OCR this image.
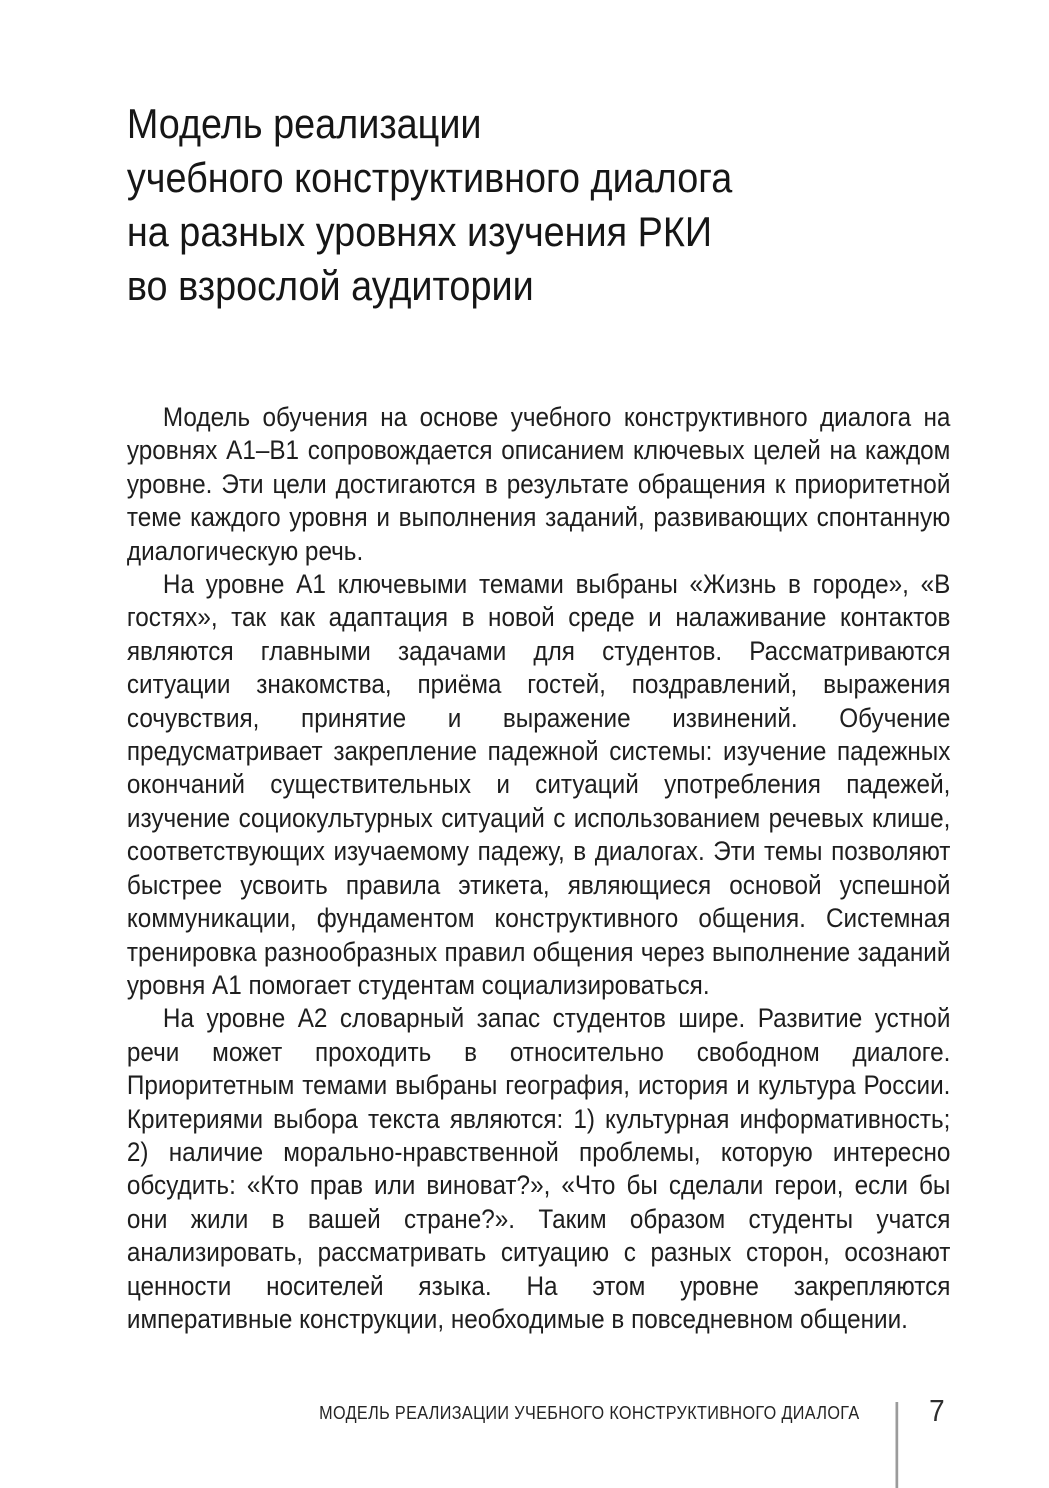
Модель реализации
учебного конструктивного диалога
на разных уровнях изучения РКИ
во взрослой аудитории

Модель обучения на основе учебного конструктивного диалога на уровнях А1–В1 сопровождается описанием ключевых целей на каждом уровне. Эти цели достигаются в результате обращения к приоритетной теме каждого уровня и выполнения заданий, развивающих спонтанную диалогическую речь.

На уровне А1 ключевыми темами выбраны «Жизнь в городе», «В гостях», так как адаптация в новой среде и налаживание контактов являются главными задачами для студентов. Рассматриваются ситуации знакомства, приёма гостей, поздравлений, выражения сочувствия, принятие и выражение извинений. Обучение предусматривает закрепление падежной системы: изучение падежных окончаний существительных и ситуаций употребления падежей, изучение социокультурных ситуаций с использованием речевых клише, соответствующих изучаемому падежу, в диалогах. Эти темы позволяют быстрее усвоить правила этикета, являющиеся основой успешной коммуникации, фундаментом конструктивного общения. Системная тренировка разнообразных правил общения через выполнение заданий уровня А1 помогает студентам социализироваться.

На уровне А2 словарный запас студентов шире. Развитие устной речи может проходить в относительно свободном диалоге. Приоритетным темами выбраны география, история и культура России. Критериями выбора текста являются: 1) культурная информативность; 2) наличие морально-нравственной проблемы, которую интересно обсудить: «Кто прав или виноват?», «Что бы сделали герои, если бы они жили в вашей стране?». Таким образом студенты учатся анализировать, рассматривать ситуацию с разных сторон, осознают ценности носителей языка. На этом уровне закрепляются императивные конструкции, необходимые в повседневном общении.

МОДЕЛЬ РЕАЛИЗАЦИИ УЧЕБНОГО КОНСТРУКТИВНОГО ДИАЛОГА	7
